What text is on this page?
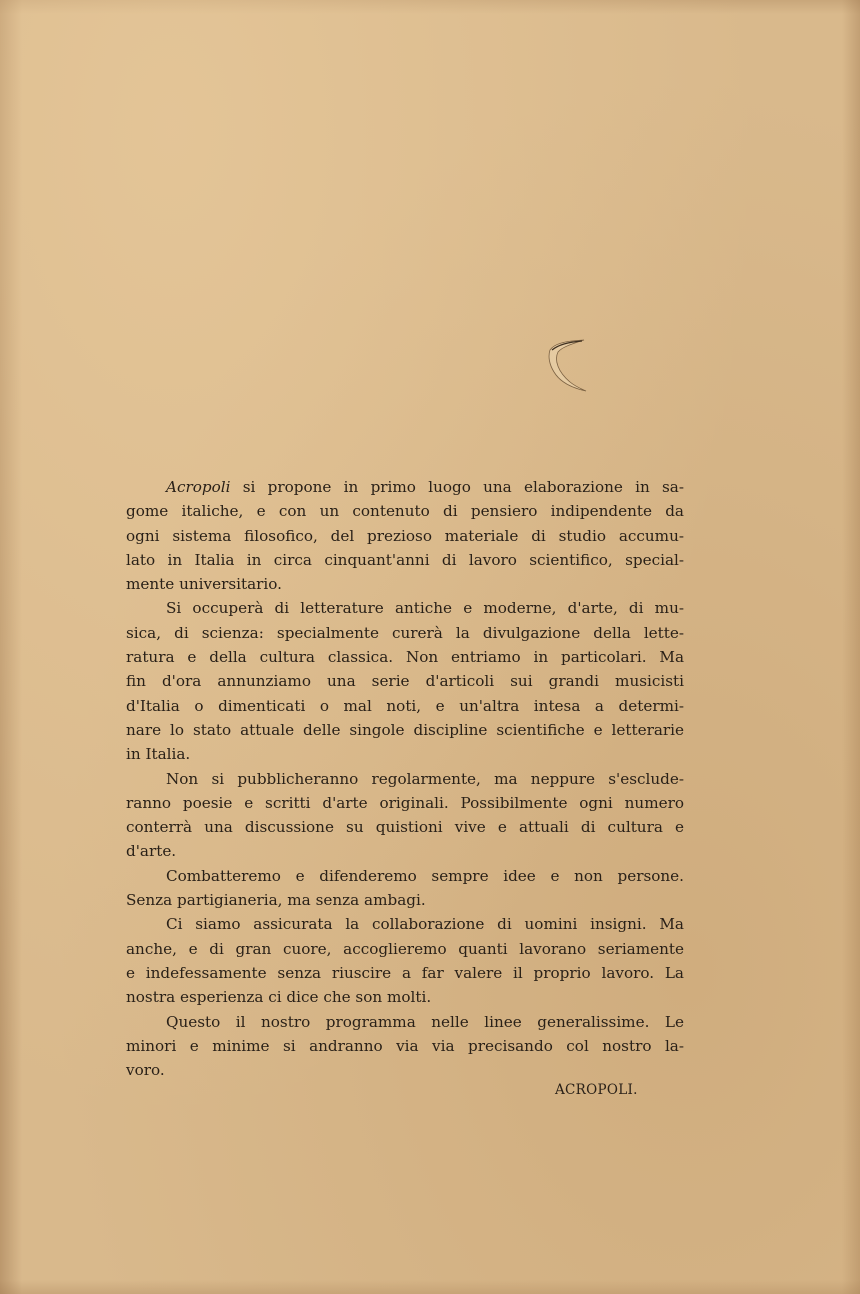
Acropoli si propone in primo luogo una elaborazione in sa-
gome italiche, e con un contenuto di pensiero indipendente da
ogni sistema filosofico, del prezioso materiale di studio accumu-
lato in Italia in circa cinquant'anni di lavoro scientifico, special-
mente universitario.

Si occuperà di letterature antiche e moderne, d'arte, di mu-
sica, di scienza: specialmente curerà la divulgazione della lette-
ratura e della cultura classica. Non entriamo in particolari. Ma
fin d'ora annunziamo una serie d'articoli sui grandi musicisti
d'Italia o dimenticati o mal noti, e un'altra intesa a determi-
nare lo stato attuale delle singole discipline scientifiche e letterarie
in Italia.

Non si pubblicheranno regolarmente, ma neppure s'esclude-
ranno poesie e scritti d'arte originali. Possibilmente ogni numero
conterrà una discussione su quistioni vive e attuali di cultura e
d'arte.

Combatteremo e difenderemo sempre idee e non persone.
Senza partigianeria, ma senza ambagi.

Ci siamo assicurata la collaborazione di uomini insigni. Ma
anche, e di gran cuore, accoglieremo quanti lavorano seriamente
e indefessamente senza riuscire a far valere il proprio lavoro. La
nostra esperienza ci dice che son molti.

Questo il nostro programma nelle linee generalissime. Le
minori e minime si andranno via via precisando col nostro la-
voro.

ACROPOLI.
